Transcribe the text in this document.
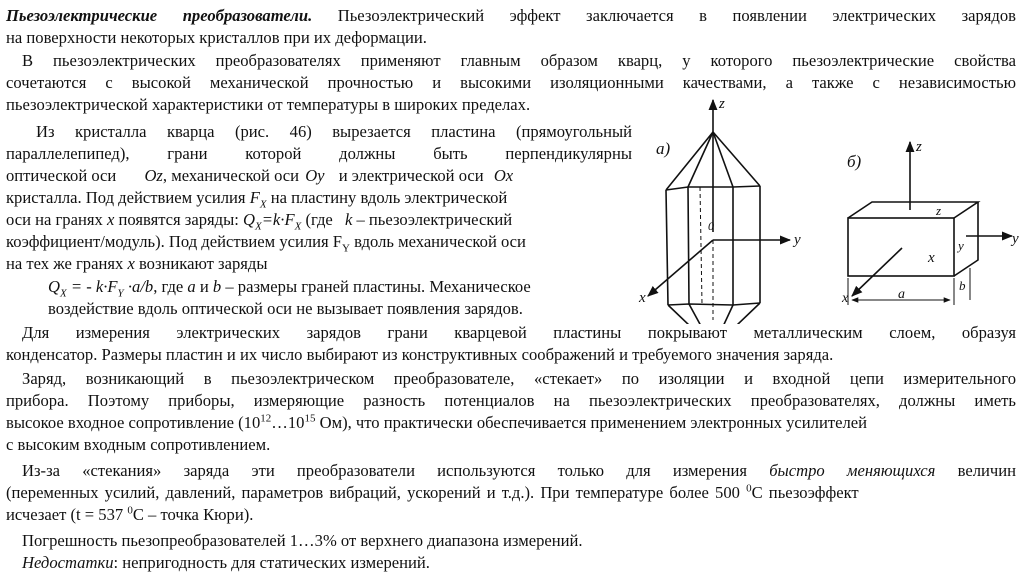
Пьезоэлектрические преобразователи. Пьезоэлектрический эффект заключается в появлении электрических зарядов
на поверхности некоторых кристаллов при их деформации.
В пьезоэлектрических преобразователях применяют главным образом кварц, у которого пьезоэлектрические свойства
сочетаются с высокой механической прочностью и высокими изоляционными качествами, а также с независимостью
пьезоэлектрической характеристики от температуры в широких пределах.
Из кристалла кварца (рис. 46) вырезается пластина (прямоугольный
параллелепипед), грани которой должны быть перпендикулярны
оптической оси Oz, механической оси Oy и электрической оси Ox
кристалла. Под действием усилия $F_X$ на пластину вдоль электрической
оси на гранях x появятся заряды: $Q_X=k\cdot F_X$ (где k – пьезоэлектрический
коэффициент/модуль). Под действием усилия $F_Y$ вдоль механической оси
на тех же гранях x возникают заряды
$Q_X$ = - $k\cdot F_Y \cdot a/b$, где a и b – размеры граней пластины. Механическое
воздействие вдоль оптической оси не вызывает появления зарядов.
Для измерения электрических зарядов грани кварцевой пластины покрывают металлическим слоем, образуя
конденсатор. Размеры пластин и их число выбирают из конструктивных соображений и требуемого значения заряда.
Заряд, возникающий в пьезоэлектрическом преобразователе, «стекает» по изоляции и входной цепи измерительного
прибора. Поэтому приборы, измеряющие разность потенциалов на пьезоэлектрических преобразователях, должны иметь
высокое входное сопротивление ($10^{12}\dots 10^{15}$ Ом), что практически обеспечивается применением электронных усилителей
с высоким входным сопротивлением.
Из-за «стекания» заряда эти преобразователи используются только для измерения быстро меняющихся величин
(переменных усилий, давлений, параметров вибраций, ускорений и т.д.). При температуре более 500 $^0$С пьезоэффект
исчезает (t = 537 $^0$С – точка Кюри).
Погрешность пьезопреобразователей 1…3% от верхнего диапазона измерений.
Недостатки: непригодность для статических измерений.
а)
z
y
x
0
б)
z
y
x
x
z
y
a
b
